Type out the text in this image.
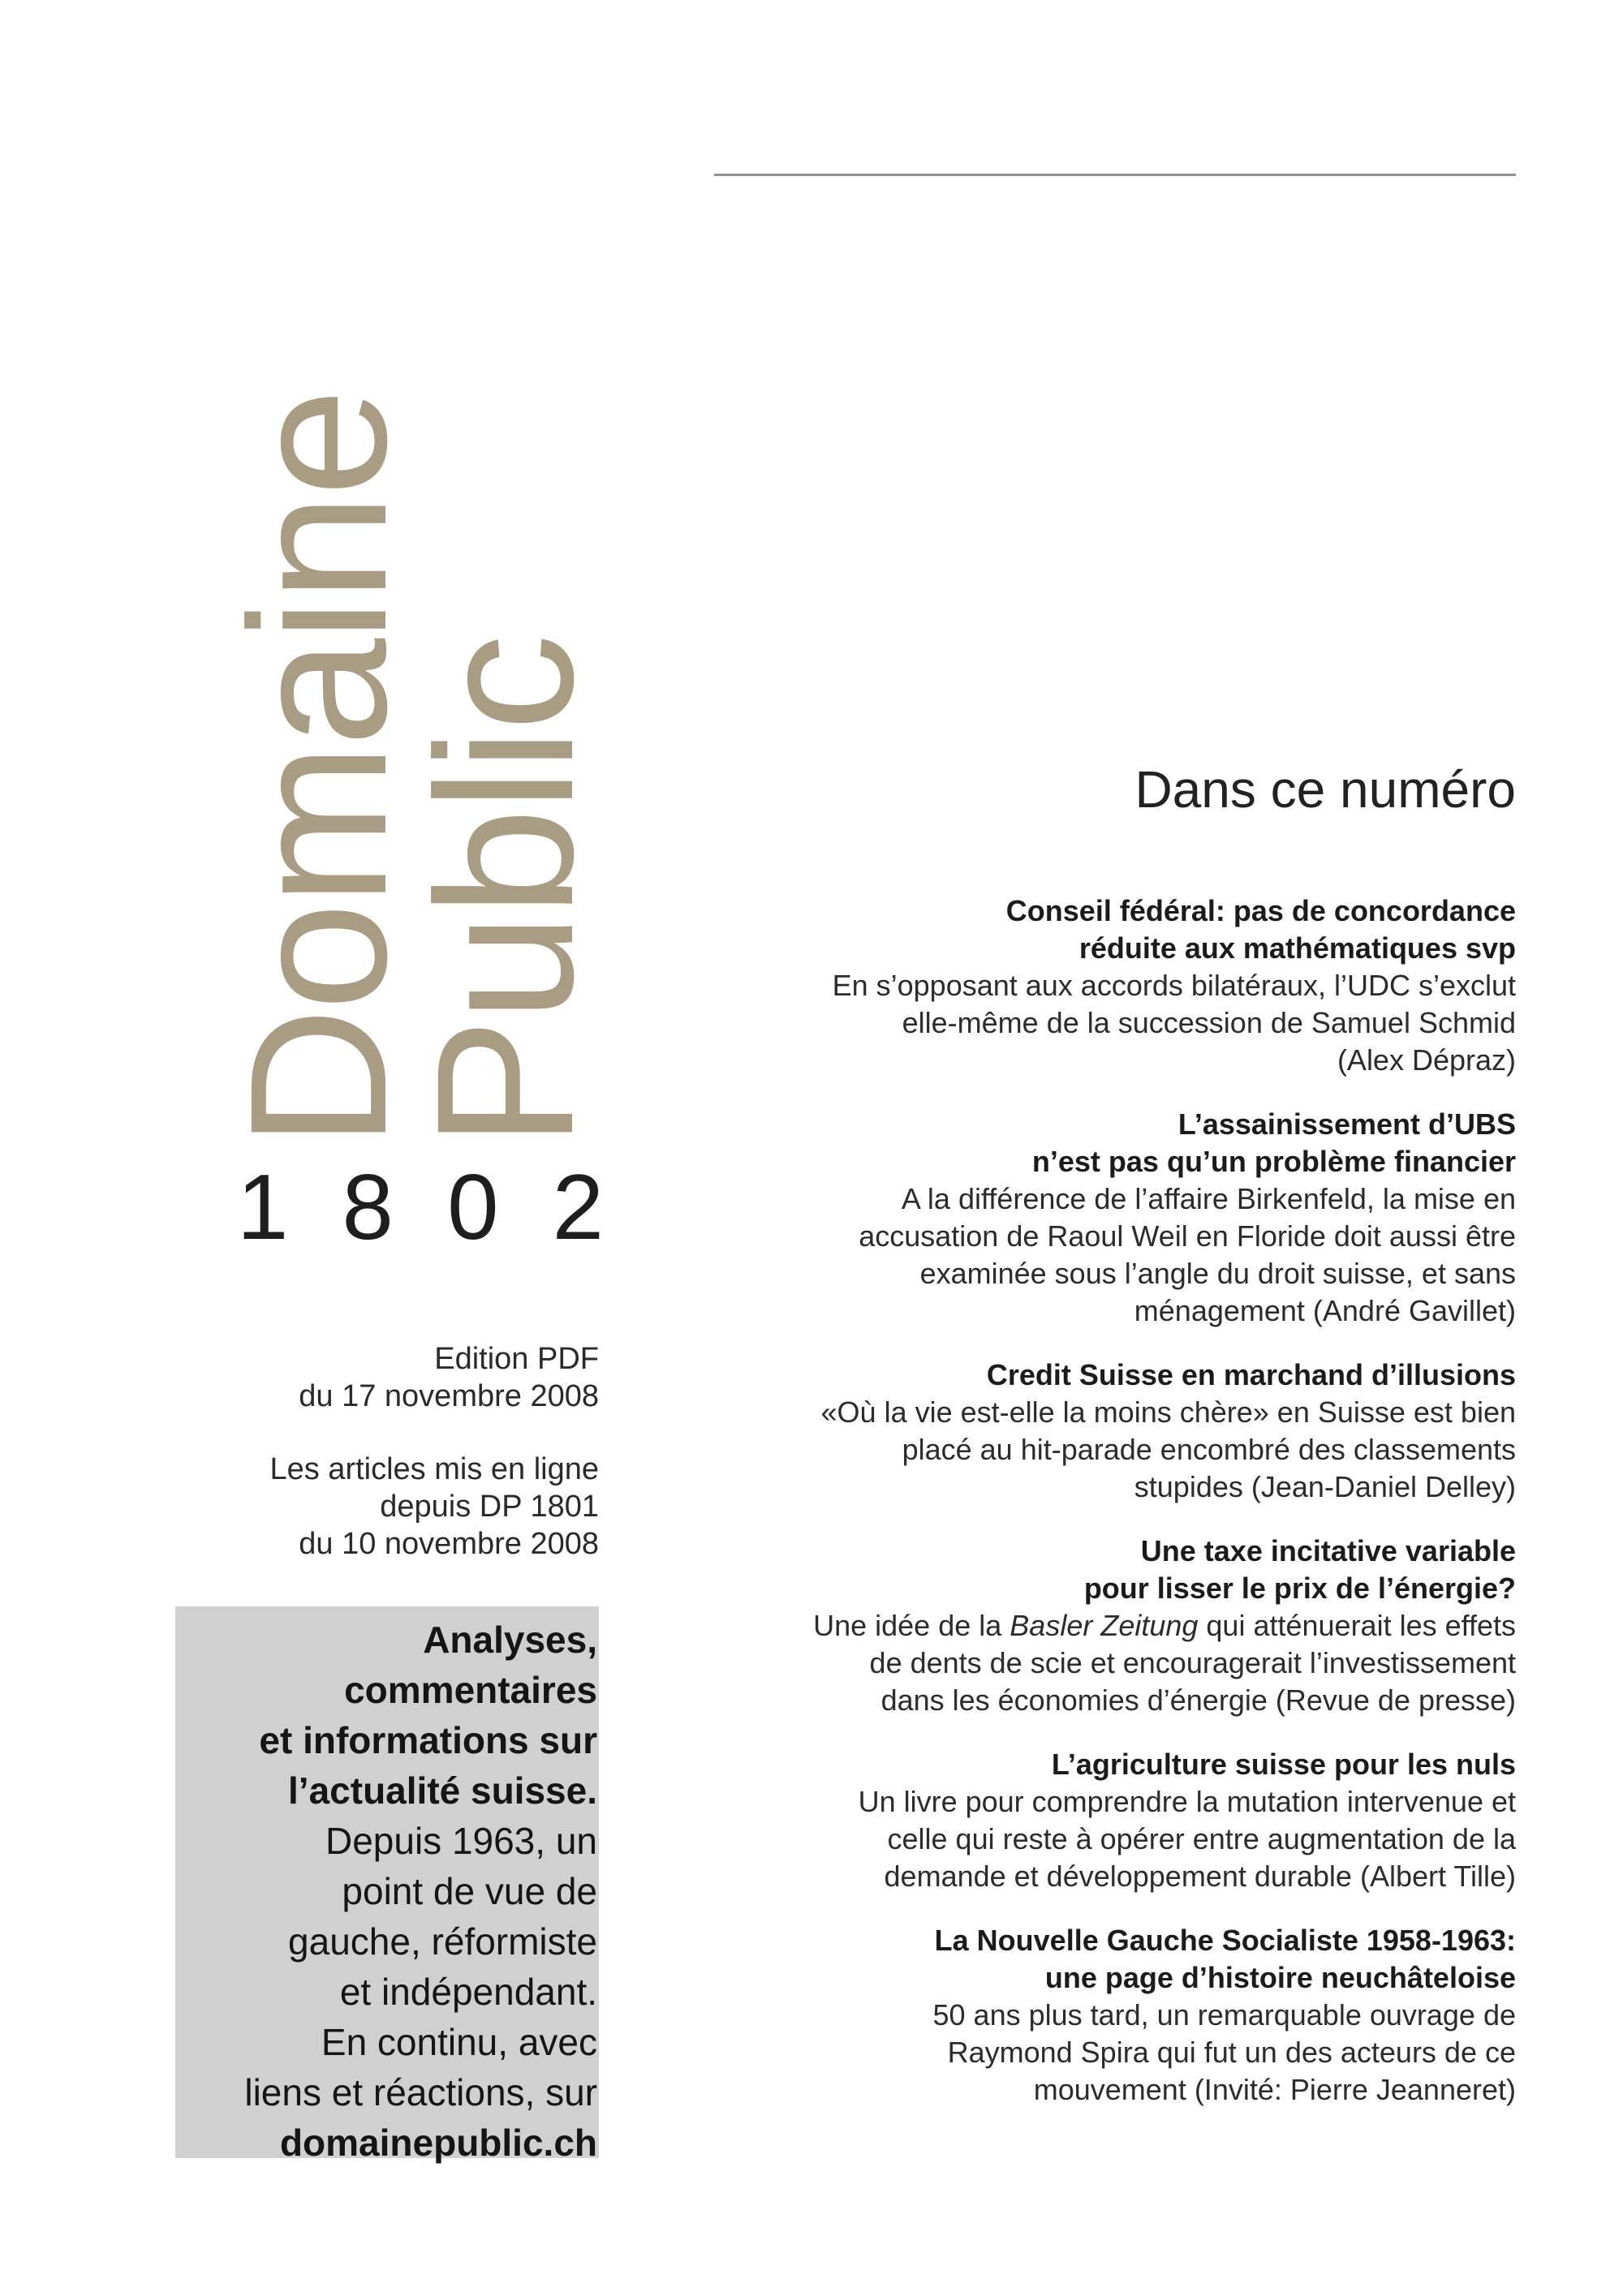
Domaine
Public
1 8 0 2

Edition PDF

du 17 novembre 2008

Les articles mis en ligne

depuis DP 1801

du 10 novembre 2008

Analyses,

commentaires

et informations sur

l’actualité suisse.

Depuis 1963, un

point de vue de

gauche, réformiste

et indépendant.

En continu, avec

liens et réactions, sur

domainepublic.ch

Dans ce numéro
Conseil fédéral: pas de concordance
réduite aux mathématiques svp
En s’opposant aux accords bilatéraux, l’UDC s’exclut
elle-même de la succession de Samuel Schmid
(Alex Dépraz)
L’assainissement d’UBS
n’est pas qu’un problème financier
A la différence de l’affaire Birkenfeld, la mise en
accusation de Raoul Weil en Floride doit aussi être
examinée sous l’angle du droit suisse, et sans
ménagement (André Gavillet)
Credit Suisse en marchand d’illusions
«Où la vie est-elle la moins chère» en Suisse est bien
placé au hit-parade encombré des classements
stupides (Jean-Daniel Delley)
Une taxe incitative variable
pour lisser le prix de l’énergie?
Une idée de la Basler Zeitung qui atténuerait les effets
de dents de scie et encouragerait l’investissement
dans les économies d’énergie (Revue de presse)
L’agriculture suisse pour les nuls
Un livre pour comprendre la mutation intervenue et
celle qui reste à opérer entre augmentation de la
demande et développement durable (Albert Tille)
La Nouvelle Gauche Socialiste 1958-1963:
une page d’histoire neuchâteloise
50 ans plus tard, un remarquable ouvrage de
Raymond Spira qui fut un des acteurs de ce
mouvement (Invité: Pierre Jeanneret)
